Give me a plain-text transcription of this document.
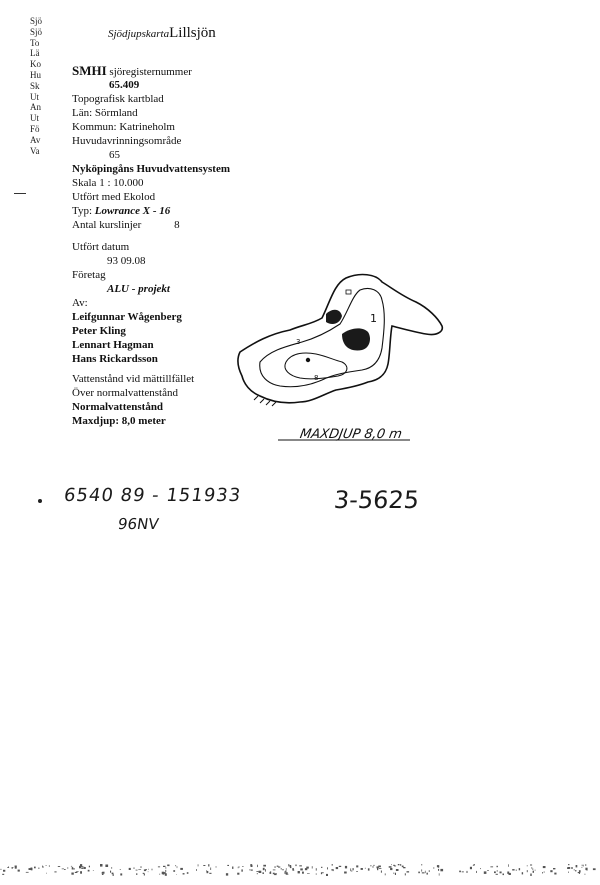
Sjö
Sjö
To
Lä
Ko
Hu
Sk
Ut
An
Ut
Fö
Av
Va
SjödjupskartaLillsjön
SMHI sjöregisternummer
65.409
Topografisk kartblad
Län: Sörmland
Kommun: Katrineholm
Huvudavrinningsområde
65
Nyköpingåns Huvudvattensystem
Skala 1 : 10.000
Utfört med Ekolod
Typ: Lowrance X - 16
Antal kurslinjer	8
Utfört datum
93 09.08
Företag
ALU - projekt
Av:
Leifgunnar Wågenberg
Peter Kling
Lennart Hagman
Hans Rickardsson
Vattenstånd vid mättillfället
Över normalvattenstånd
Normalvattenstånd
Maxdjup: 8,0 meter
1
3
8
MAXDJUP 8,0 m
6540 89 - 151933
96NV
3-5625
